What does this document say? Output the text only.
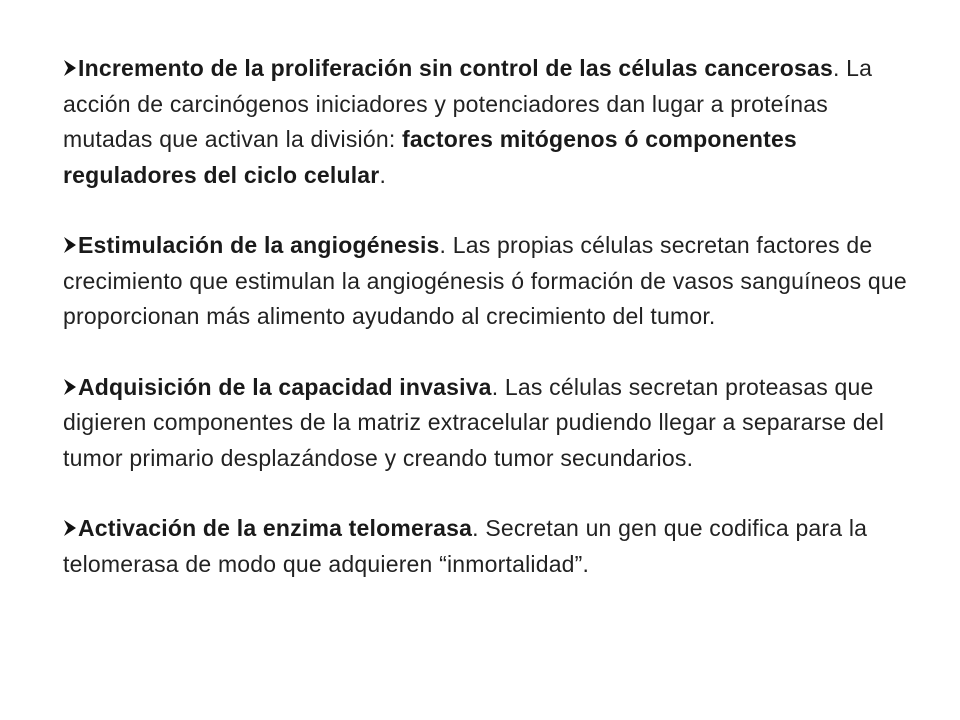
Incremento de la proliferación sin control de las células cancerosas. La acción de carcinógenos iniciadores y potenciadores dan lugar a proteínas mutadas que activan la división: factores mitógenos ó componentes reguladores del ciclo celular.

Estimulación de la angiogénesis. Las propias células secretan factores de crecimiento que estimulan la angiogénesis ó formación de vasos sanguíneos que proporcionan más alimento ayudando al crecimiento del tumor.

Adquisición de la capacidad invasiva. Las células secretan proteasas que digieren componentes de la matriz extracelular pudiendo llegar a separarse del tumor primario desplazándose y creando tumor secundarios.

Activación de la enzima telomerasa. Secretan un gen que codifica para la telomerasa de modo que adquieren “inmortalidad”.
